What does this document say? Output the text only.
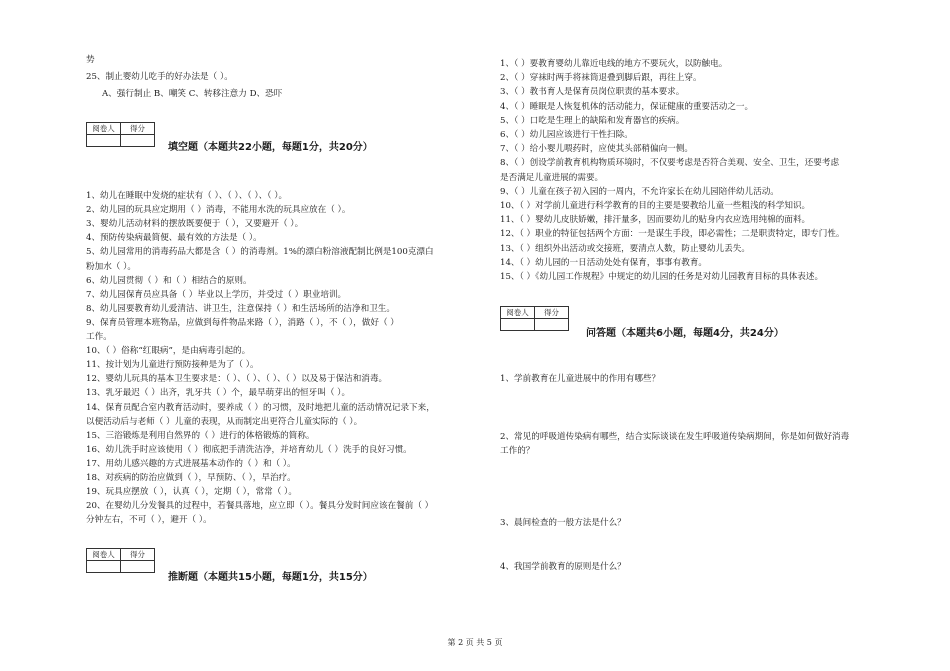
势
25、制止婴幼儿吃手的好办法是（ ）。
A、强行制止 B、嘲笑 C、转移注意力 D、恐吓
阅卷人	得分

填空题（本题共22小题，每题1分，共20分）
1、幼儿在睡眠中发烧的症状有（ ）、（ ）、（ ）、（ ）。
2、幼儿园的玩具应定期用（ ）消毒，不能用水洗的玩具应放在（ ）。
3、婴幼儿活动材料的摆放既要便于（ ），又要避开（ ）。
4、预防传染病最简便、最有效的方法是（ ）。
5、幼儿园常用的消毒药品大都是含（ ）的消毒剂。1%的漂白粉溶液配制比例是100克漂白
粉加水（ ）。
6、幼儿园贯彻（ ）和（ ）相结合的原则。
7、幼儿园保育员应具备（ ）毕业以上学历，并受过（ ）职业培训。
8、幼儿园要教育幼儿爱清洁、讲卫生，注意保持（ ）和生活场所的洁净和卫生。
9、保育员管理本班物品，应做到每件物品来路（ ），消路（ ），不（ ），做好（ ）
工作。
10、（ ）俗称“红眼病”，是由病毒引起的。
11、按计划为儿童进行预防接种是为了（ ）。
12、婴幼儿玩具的基本卫生要求是：（ ）、（ ）、（ ）、（ ）以及易于保洁和消毒。
13、乳牙最迟（ ）出齐，乳牙共（ ）个，最早萌芽出的恒牙叫（ ）。
14、保育员配合室内教育活动时，要养成（ ）的习惯，及时地把儿童的活动情况记录下来，
以便活动后与老师（ ）儿童的表现，从而制定出更符合儿童实际的（ ）。
15、三浴锻炼是利用自然界的（ ）进行的体格锻炼的简称。
16、幼儿洗手时应该使用（ ）彻底把手清洗洁净，并培育幼儿（ ）洗手的良好习惯。
17、用幼儿感兴趣的方式进展基本动作的（ ）和（ ）。
18、对疾病的防治应做到（ ），早预防、（ ），早治疗。
19、玩具应摆放（ ），认真（ ），定期（ ），常常（ ）。
20、在婴幼儿分发餐具的过程中，若餐具落地，应立即（ ）。餐具分发时间应该在餐前（ ）
分钟左右，不可（ ），避开（ ）。
阅卷人	得分

推断题（本题共15小题，每题1分，共15分）
1、（ ）要教育婴幼儿靠近电线的地方不要玩火，以防触电。
2、（ ）穿袜时两手将袜筒退叠到脚后跟，再往上穿。
3、（ ）教书育人是保育员岗位职责的基本要求。
4、（ ）睡眠是人恢复机体的活动能力，保证健康的重要活动之一。
5、（ ）口吃是生理上的缺陷和发育器官的疾病。
6、（ ）幼儿园应该进行干性扫除。
7、（ ）给小婴儿喂药时，应使其头部稍偏向一侧。
8、（ ）创设学前教育机构物质环境时，不仅要考虑是否符合美观、安全、卫生，还要考虑
是否满足儿童进展的需要。
9、（ ）儿童在孩子初入园的一周内，不允许家长在幼儿园陪伴幼儿活动。
10、（ ）对学前儿童进行科学教育的目的主要是要教给儿童一些粗浅的科学知识。
11、（ ）婴幼儿皮肤娇嫩，排汗量多，因而要幼儿的贴身内衣应选用纯棉的面料。
12、（ ）职业的特征包括两个方面：一是谋生手段，即必需性；二是职责特定，即专门性。
13、（ ）组织外出活动或交接班，要清点人数，防止婴幼儿丢失。
14、（ ）幼儿园的一日活动处处有保育，事事有教育。
15、（ ）《幼儿园工作规程》中规定的幼儿园的任务是对幼儿园教育目标的具体表述。
阅卷人	得分

问答题（本题共6小题，每题4分，共24分）
1、学前教育在儿童进展中的作用有哪些？
2、常见的呼吸道传染病有哪些，结合实际谈谈在发生呼吸道传染病期间，你是如何做好消毒
工作的？
3、晨间检查的一般方法是什么？
4、我国学前教育的原则是什么？
第 2 页 共 5 页
